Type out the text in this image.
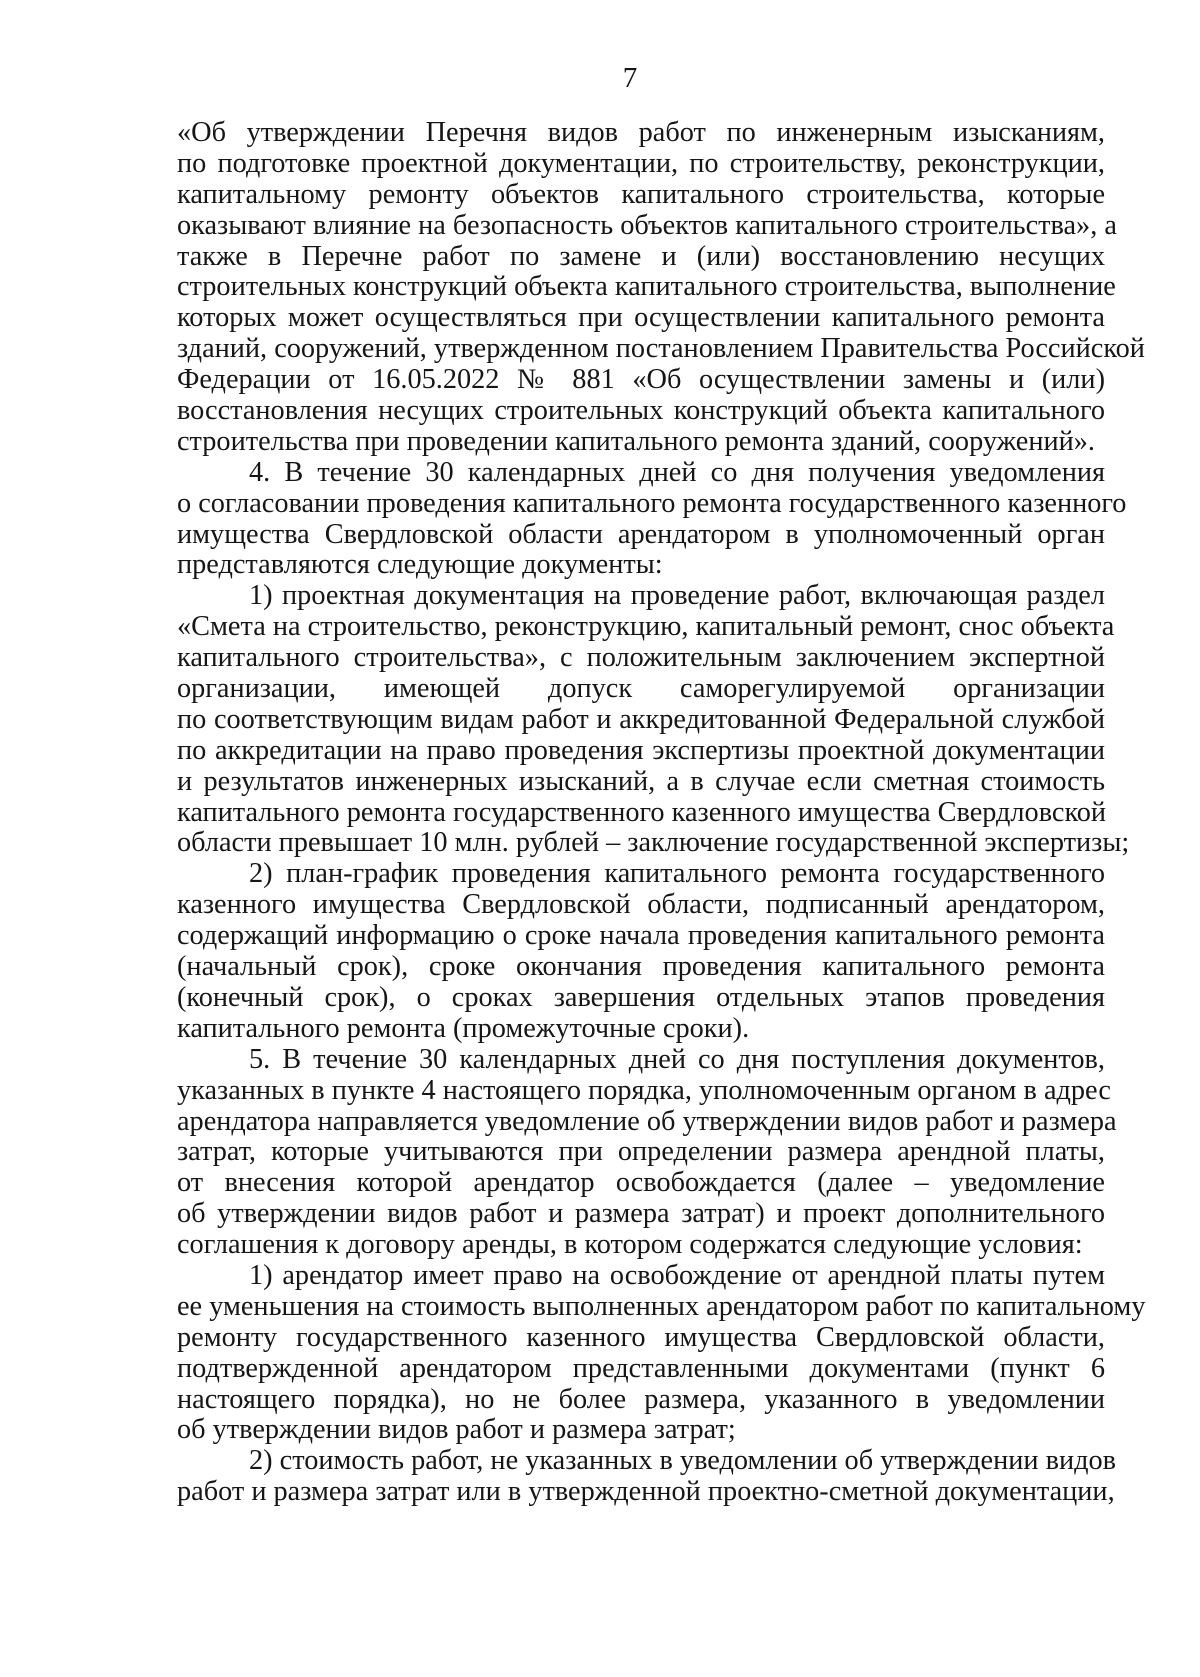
7
«Об утверждении Перечня видов работ по инженерным изысканиям,
по подготовке проектной документации, по строительству, реконструкции,
капитальному ремонту объектов капитального строительства, которые
оказывают влияние на безопасность объектов капитального строительства», а
также в Перечне работ по замене и (или) восстановлению несущих
строительных конструкций объекта капитального строительства, выполнение
которых может осуществляться при осуществлении капитального ремонта
зданий, сооружений, утвержденном постановлением Правительства Российской
Федерации от 16.05.2022 № 881 «Об осуществлении замены и (или)
восстановления несущих строительных конструкций объекта капитального
строительства при проведении капитального ремонта зданий, сооружений».
4. В течение 30 календарных дней со дня получения уведомления
о согласовании проведения капитального ремонта государственного казенного
имущества Свердловской области арендатором в уполномоченный орган
представляются следующие документы:
1) проектная документация на проведение работ, включающая раздел
«Смета на строительство, реконструкцию, капитальный ремонт, снос объекта
капитального строительства», с положительным заключением экспертной
организации, имеющей допуск саморегулируемой организации
по соответствующим видам работ и аккредитованной Федеральной службой
по аккредитации на право проведения экспертизы проектной документации
и результатов инженерных изысканий, а в случае если сметная стоимость
капитального ремонта государственного казенного имущества Свердловской
области превышает 10 млн. рублей – заключение государственной экспертизы;
2) план-график проведения капитального ремонта государственного
казенного имущества Свердловской области, подписанный арендатором,
содержащий информацию о сроке начала проведения капитального ремонта
(начальный срок), сроке окончания проведения капитального ремонта
(конечный срок), о сроках завершения отдельных этапов проведения
капитального ремонта (промежуточные сроки).
5. В течение 30 календарных дней со дня поступления документов,
указанных в пункте 4 настоящего порядка, уполномоченным органом в адрес
арендатора направляется уведомление об утверждении видов работ и размера
затрат, которые учитываются при определении размера арендной платы,
от внесения которой арендатор освобождается (далее – уведомление
об утверждении видов работ и размера затрат) и проект дополнительного
соглашения к договору аренды, в котором содержатся следующие условия:
1) арендатор имеет право на освобождение от арендной платы путем
ее уменьшения на стоимость выполненных арендатором работ по капитальному
ремонту государственного казенного имущества Свердловской области,
подтвержденной арендатором представленными документами (пункт 6
настоящего порядка), но не более размера, указанного в уведомлении
об утверждении видов работ и размера затрат;
2) стоимость работ, не указанных в уведомлении об утверждении видов
работ и размера затрат или в утвержденной проектно-сметной документации,
